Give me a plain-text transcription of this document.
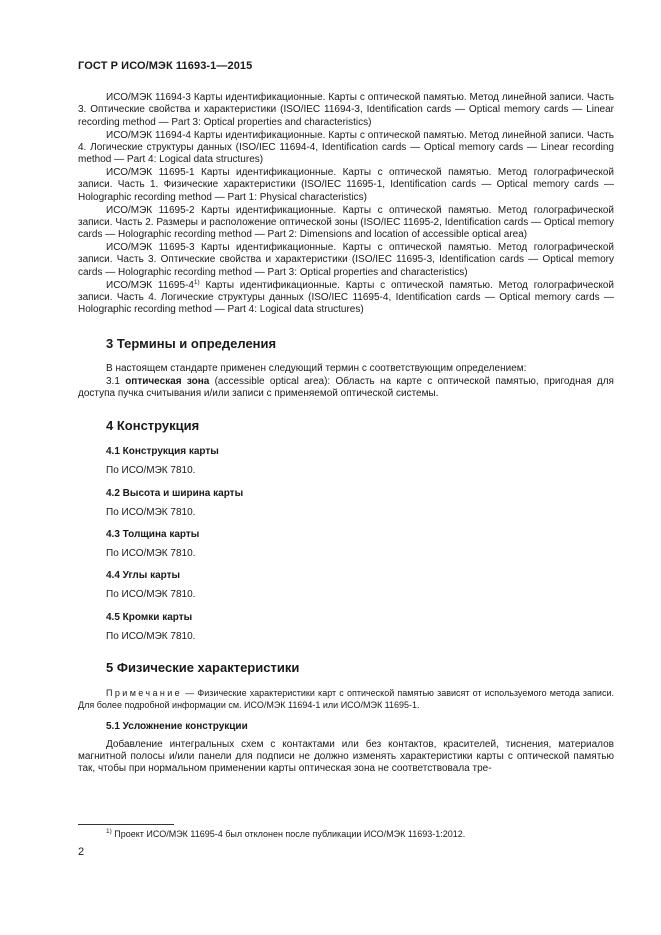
ГОСТ Р ИСО/МЭК 11693-1—2015

ИСО/МЭК 11694-3 Карты идентификационные. Карты с оптической памятью. Метод линейной записи. Часть 3. Оптические свойства и характеристики (ISO/IEC 11694-3, Identification cards — Optical memory cards — Linear recording method — Part 3: Optical properties and characteristics)

ИСО/МЭК 11694-4 Карты идентификационные. Карты с оптической памятью. Метод линейной записи. Часть 4. Логические структуры данных (ISO/IEC 11694-4, Identification cards — Optical memory cards — Linear recording method — Part 4: Logical data structures)

ИСО/МЭК 11695-1 Карты идентификационные. Карты с оптической памятью. Метод голографической записи. Часть 1. Физические характеристики (ISO/IEC 11695-1, Identification cards — Optical memory cards — Holographic recording method — Part 1: Physical characteristics)

ИСО/МЭК 11695-2 Карты идентификационные. Карты с оптической памятью. Метод голографической записи. Часть 2. Размеры и расположение оптической зоны (ISO/IEC 11695-2, Identification cards — Optical memory cards — Holographic recording method — Part 2: Dimensions and location of accessible optical area)

ИСО/МЭК 11695-3 Карты идентификационные. Карты с оптической памятью. Метод голографической записи. Часть 3. Оптические свойства и характеристики (ISO/IEC 11695-3, Identification cards — Optical memory cards — Holographic recording method — Part 3: Optical properties and characteristics)

ИСО/МЭК 11695-4$^{1)}$ Карты идентификационные. Карты с оптической памятью. Метод голографической записи. Часть 4. Логические структуры данных (ISO/IEC 11695-4, Identification cards — Optical memory cards — Holographic recording method — Part 4: Logical data structures)

3 Термины и определения

В настоящем стандарте применен следующий термин с соответствующим определением:

3.1 оптическая зона (accessible optical area): Область на карте с оптической памятью, пригодная для доступа пучка считывания и/или записи с применяемой оптической системы.

4 Конструкция

4.1 Конструкция карты

По ИСО/МЭК 7810.

4.2 Высота и ширина карты

По ИСО/МЭК 7810.

4.3 Толщина карты

По ИСО/МЭК 7810.

4.4 Углы карты

По ИСО/МЭК 7810.

4.5 Кромки карты

По ИСО/МЭК 7810.

5 Физические характеристики

Примечание — Физические характеристики карт с оптической памятью зависят от используемого метода записи. Для более подробной информации см. ИСО/МЭК 11694-1 или ИСО/МЭК 11695-1.

5.1 Усложнение конструкции

Добавление интегральных схем с контактами или без контактов, красителей, тиснения, материалов магнитной полосы и/или панели для подписи не должно изменять характеристики карты с оптической памятью так, чтобы при нормальном применении карты оптическая зона не соответствовала тре-

$^{1)}$ Проект ИСО/МЭК 11695-4 был отклонен после публикации ИСО/МЭК 11693-1:2012.
2
